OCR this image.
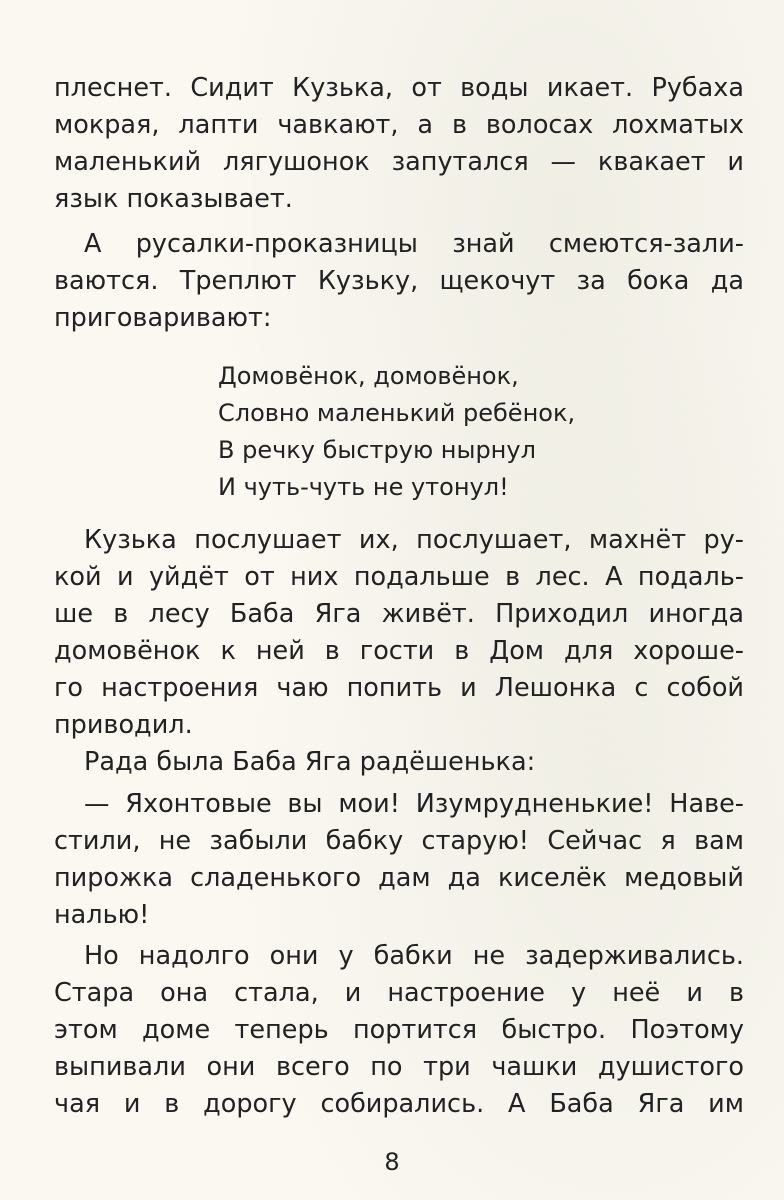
плеснет. Сидит Кузька, от воды икает. Рубаха
мокрая, лапти чавкают, а в волосах лохматых
маленький лягушонок запутался — квакает и
язык показывает.
А русалки-проказницы знай смеются-зали-
ваются. Треплют Кузьку, щекочут за бока да
приговаривают:
Домовёнок, домовёнок,
Словно маленький ребёнок,
В речку быструю нырнул
И чуть-чуть не утонул!
Кузька послушает их, послушает, махнёт ру-
кой и уйдёт от них подальше в лес. А подаль-
ше в лесу Баба Яга живёт. Приходил иногда
домовёнок к ней в гости в Дом для хороше-
го настроения чаю попить и Лешонка с собой
приводил.
Рада была Баба Яга радёшенька:
— Яхонтовые вы мои! Изумрудненькие! Наве-
стили, не забыли бабку старую! Сейчас я вам
пирожка сладенького дам да киселёк медовый
налью!
Но надолго они у бабки не задерживались.
Стара она стала, и настроение у неё и в
этом доме теперь портится быстро. Поэтому
выпивали они всего по три чашки душистого
чая и в дорогу собирались. А Баба Яга им
8
